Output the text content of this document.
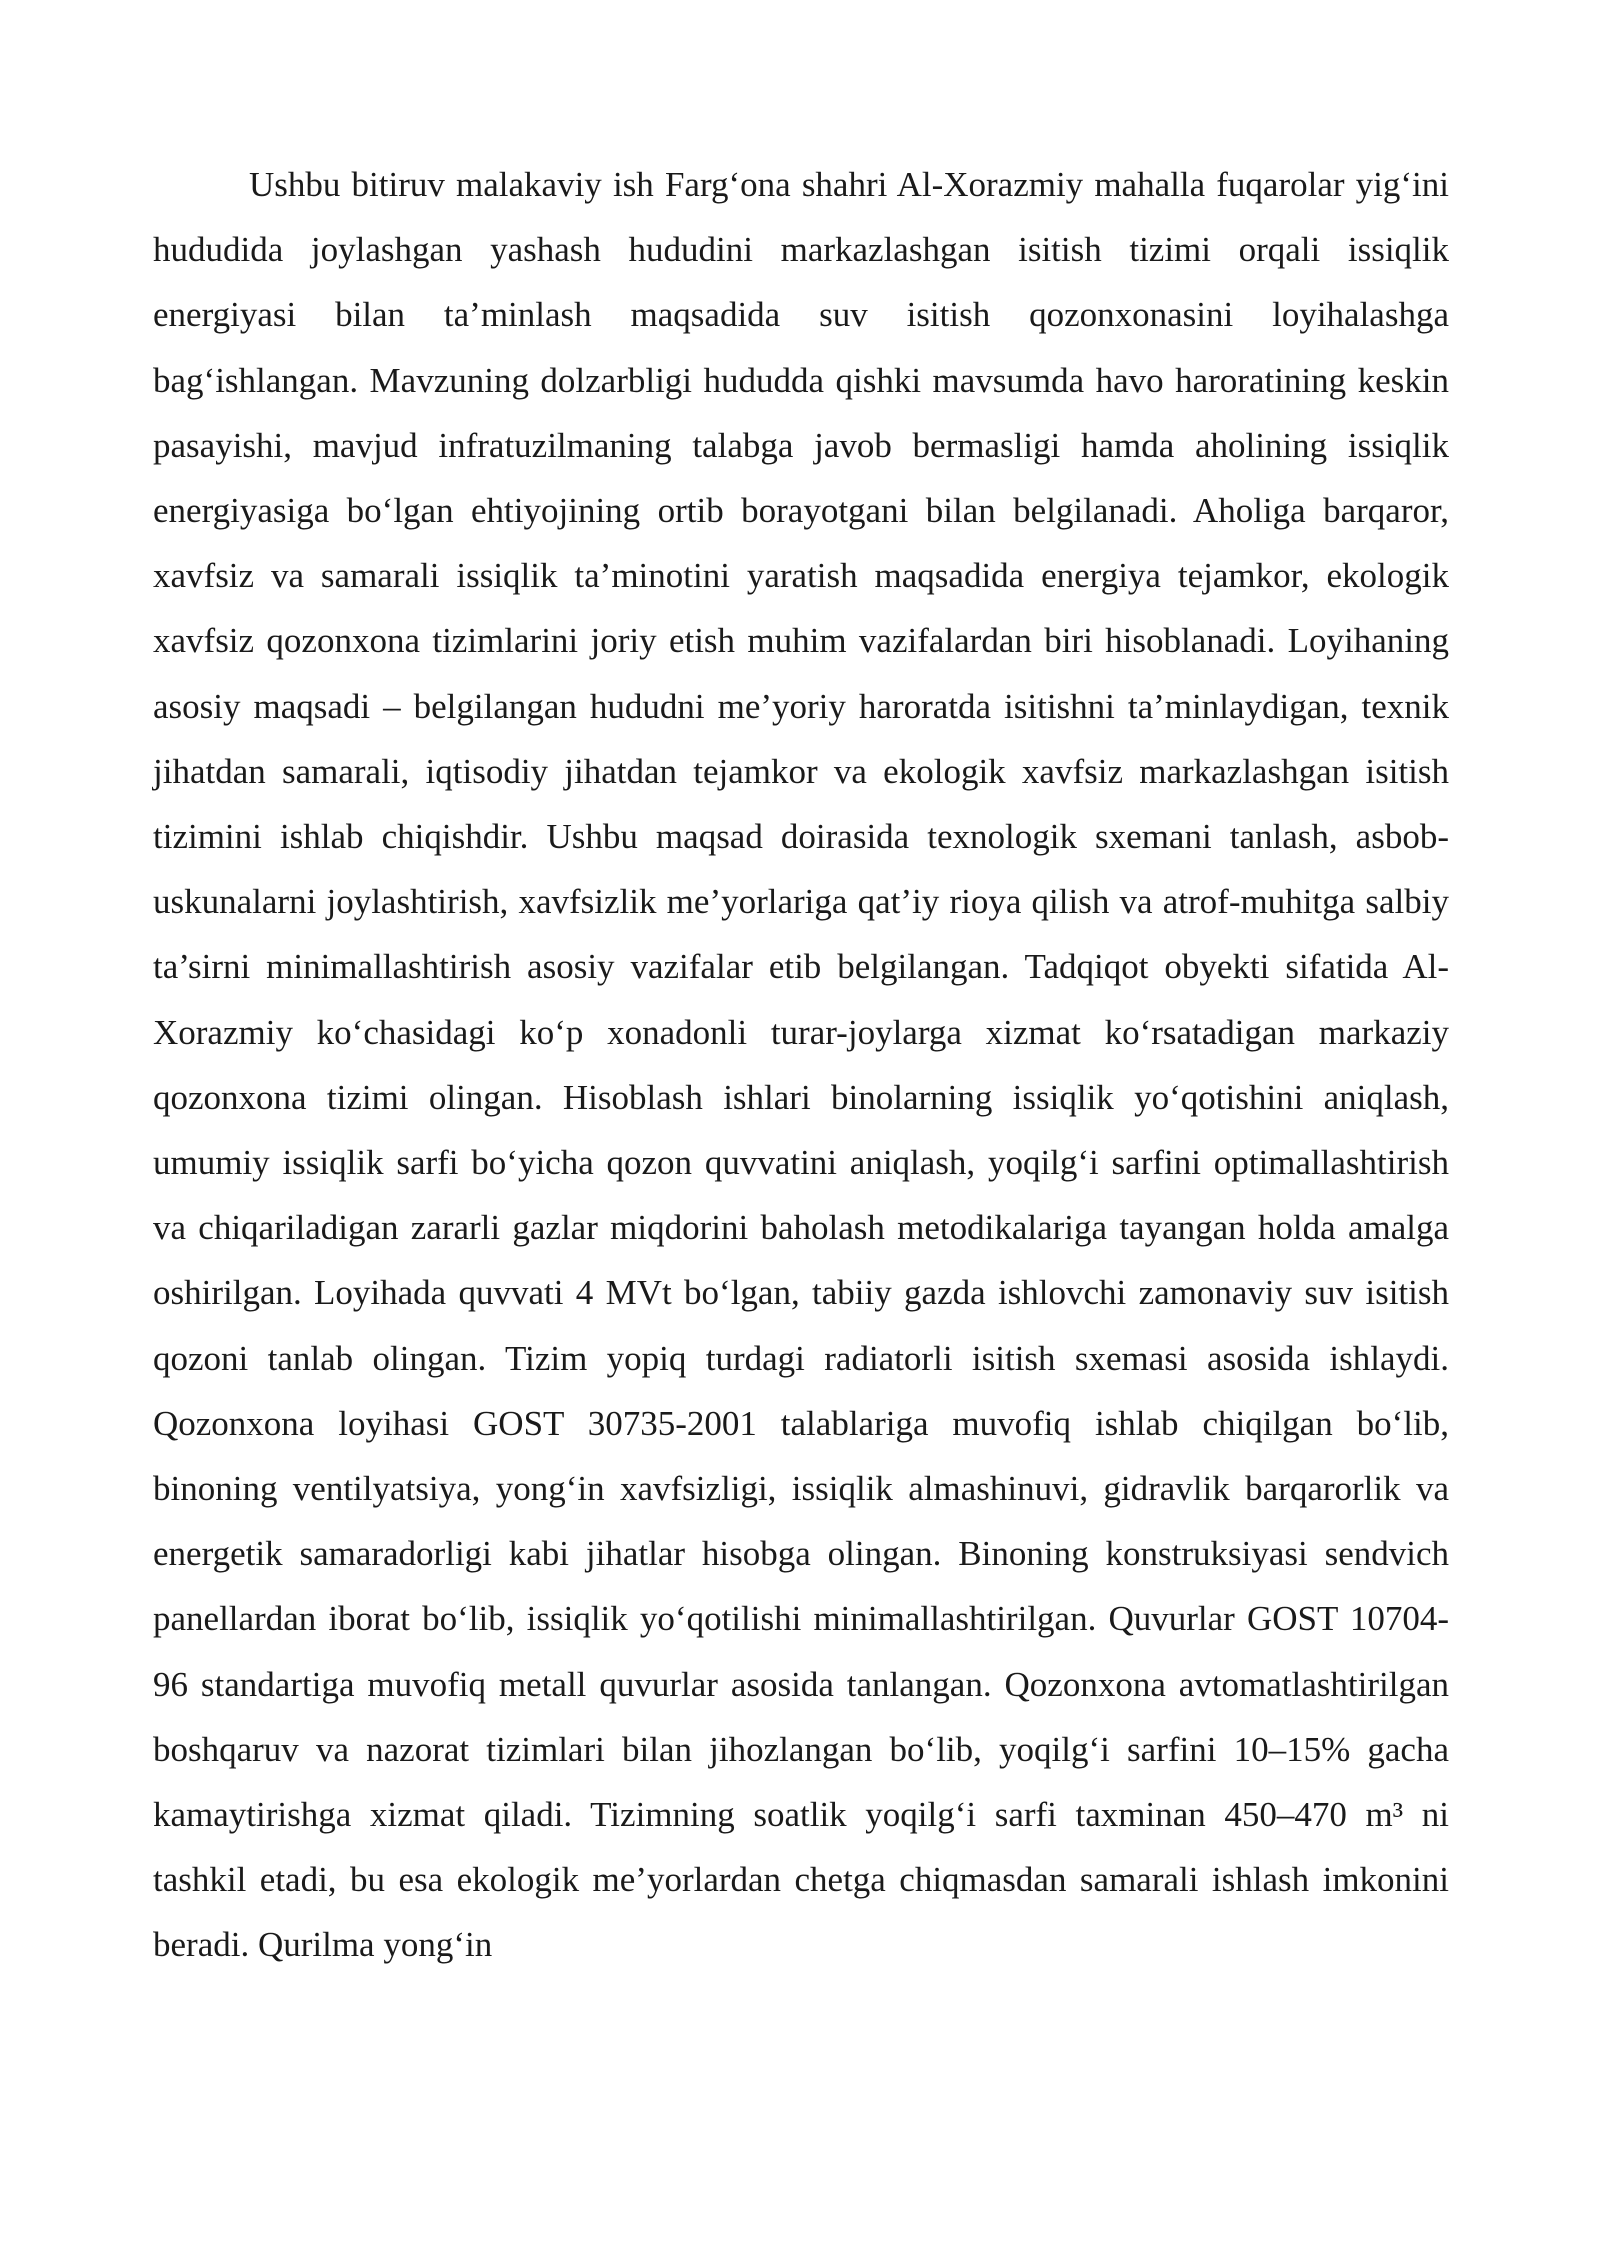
Ushbu bitiruv malakaviy ish Farg‘ona shahri Al-Xorazmiy mahalla fuqarolar yig‘ini hududida joylashgan yashash hududini markazlashgan isitish tizimi orqali issiqlik energiyasi bilan ta’minlash maqsadida suv isitish qozonxonasini loyihalashga bag‘ishlangan. Mavzuning dolzarbligi hududda qishki mavsumda havo haroratining keskin pasayishi, mavjud infratuzilmaning talabga javob bermasligi hamda aholining issiqlik energiyasiga bo‘lgan ehtiyojining ortib borayotgani bilan belgilanadi. Aholiga barqaror, xavfsiz va samarali issiqlik ta’minotini yaratish maqsadida energiya tejamkor, ekologik xavfsiz qozonxona tizimlarini joriy etish muhim vazifalardan biri hisoblanadi. Loyihaning asosiy maqsadi – belgilangan hududni me’yoriy haroratda isitishni ta’minlaydigan, texnik jihatdan samarali, iqtisodiy jihatdan tejamkor va ekologik xavfsiz markazlashgan isitish tizimini ishlab chiqishdir. Ushbu maqsad doirasida texnologik sxemani tanlash, asbob-uskunalarni joylashtirish, xavfsizlik me’yorlariga qat’iy rioya qilish va atrof-muhitga salbiy ta’sirni minimallashtirish asosiy vazifalar etib belgilangan. Tadqiqot obyekti sifatida Al-Xorazmiy ko‘chasidagi ko‘p xonadonli turar-joylarga xizmat ko‘rsatadigan markaziy qozonxona tizimi olingan. Hisoblash ishlari binolarning issiqlik yo‘qotishini aniqlash, umumiy issiqlik sarfi bo‘yicha qozon quvvatini aniqlash, yoqilg‘i sarfini optimallashtirish va chiqariladigan zararli gazlar miqdorini baholash metodikalariga tayangan holda amalga oshirilgan. Loyihada quvvati 4 MVt bo‘lgan, tabiiy gazda ishlovchi zamonaviy suv isitish qozoni tanlab olingan. Tizim yopiq turdagi radiatorli isitish sxemasi asosida ishlaydi. Qozonxona loyihasi GOST 30735-2001 talablariga muvofiq ishlab chiqilgan bo‘lib, binoning ventilyatsiya, yong‘in xavfsizligi, issiqlik almashinuvi, gidravlik barqarorlik va energetik samaradorligi kabi jihatlar hisobga olingan. Binoning konstruksiyasi sendvich panellardan iborat bo‘lib, issiqlik yo‘qotilishi minimallashtirilgan. Quvurlar GOST 10704-96 standartiga muvofiq metall quvurlar asosida tanlangan. Qozonxona avtomatlashtirilgan boshqaruv va nazorat tizimlari bilan jihozlangan bo‘lib, yoqilg‘i sarfini 10–15% gacha kamaytirishga xizmat qiladi. Tizimning soatlik yoqilg‘i sarfi taxminan 450–470 m³ ni tashkil etadi, bu esa ekologik me’yorlardan chetga chiqmasdan samarali ishlash imkonini beradi. Qurilma yong‘in
